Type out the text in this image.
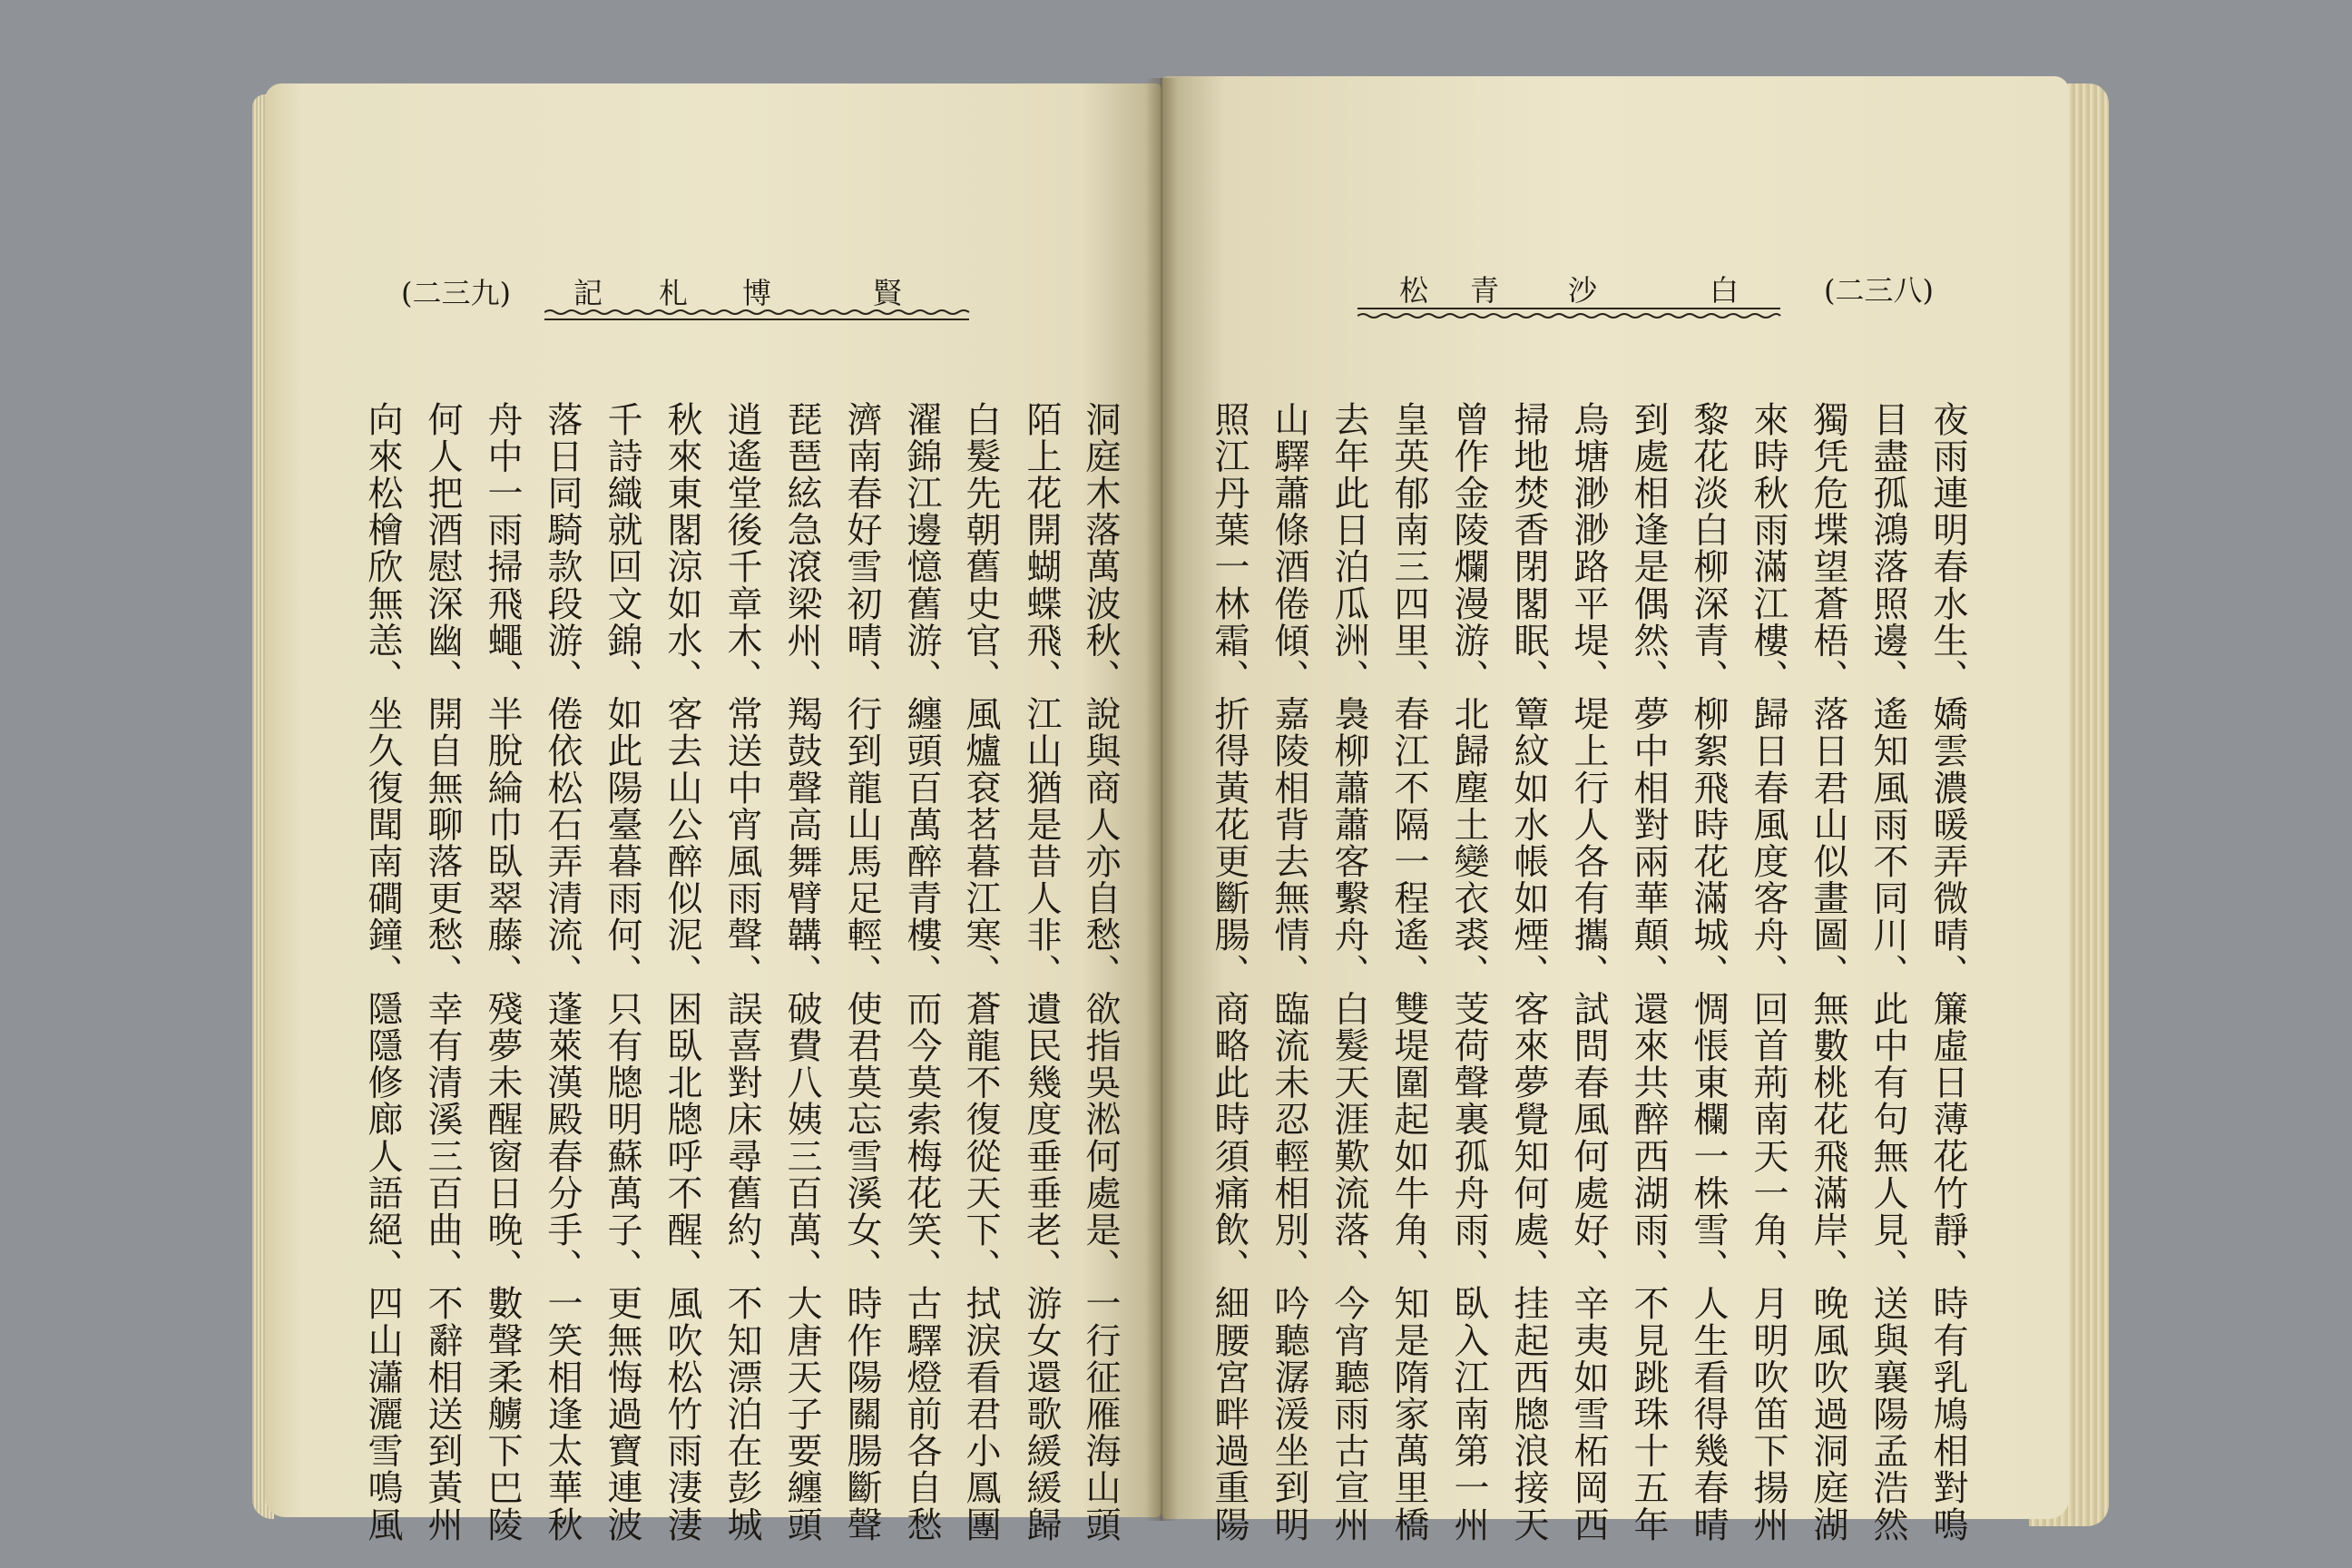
(二三九)	賢
博
札
記
洞庭木落萬波秋、說與商人亦自愁、欲指吳淞何處是、一行征雁海山頭
陌上花開蝴蝶飛、江山猶是昔人非、遺民幾度垂垂老、游女還歌緩緩歸
白髮先朝舊史官、風爐袞茗暮江寒、蒼龍不復從天下、拭淚看君小鳳團
濯錦江邊憶舊游、纏頭百萬醉青樓、而今莫索梅花笑、古驛燈前各自愁
濟南春好雪初晴、行到龍山馬足輕、使君莫忘雪溪女、時作陽關腸斷聲
琵琶絃急滾梁州、羯鼓聲高舞臂韝、破費八姨三百萬、大唐天子要纏頭
逍遙堂後千章木、常送中宵風雨聲、誤喜對床尋舊約、不知漂泊在彭城
秋來東閣涼如水、客去山公醉似泥、困臥北牕呼不醒、風吹松竹雨淒淒
千詩織就回文錦、如此陽臺暮雨何、只有牕明蘇萬子、更無悔過寶連波
落日同騎款段游、倦依松石弄清流、蓬萊漢殿春分手、一笑相逢太華秋
舟中一雨掃飛蠅、半脫綸巾臥翠藤、殘夢未醒窗日晚、數聲柔艣下巴陵
何人把酒慰深幽、開自無聊落更愁、幸有清溪三百曲、不辭相送到黃州
向來松檜欣無恙、坐久復聞南磵鐘、隱隱修廊人語絕、四山瀟灑雪鳴風
(二三八)
白
沙
青
松
夜雨連明春水生、嬌雲濃暖弄微晴、簾虛日薄花竹靜、時有乳鳩相對鳴
目盡孤鴻落照邊、遙知風雨不同川、此中有句無人見、送與襄陽孟浩然
獨凭危堞望蒼梧、落日君山似畫圖、無數桃花飛滿岸、晚風吹過洞庭湖
來時秋雨滿江樓、歸日春風度客舟、回首荊南天一角、月明吹笛下揚州
黎花淡白柳深青、柳絮飛時花滿城、惆悵東欄一株雪、人生看得幾春晴
到處相逢是偶然、夢中相對兩華顛、還來共醉西湖雨、不見跳珠十五年
烏塘渺渺路平堤、堤上行人各有攜、試問春風何處好、辛夷如雪柘岡西
掃地焚香閉閣眠、簟紋如水帳如煙、客來夢覺知何處、挂起西牕浪接天
曾作金陵爛漫游、北歸塵土變衣裘、芰荷聲裏孤舟雨、臥入江南第一州
皇英郁南三四里、春江不隔一程遙、雙堤圍起如牛角、知是隋家萬里橋
去年此日泊瓜洲、裊柳蕭蕭客繫舟、白髮天涯歎流落、今宵聽雨古宣州
山驛蕭條酒倦傾、嘉陵相背去無情、臨流未忍輕相別、吟聽潺湲坐到明
照江丹葉一林霜、折得黃花更斷腸、商略此時須痛飲、細腰宮畔過重陽
